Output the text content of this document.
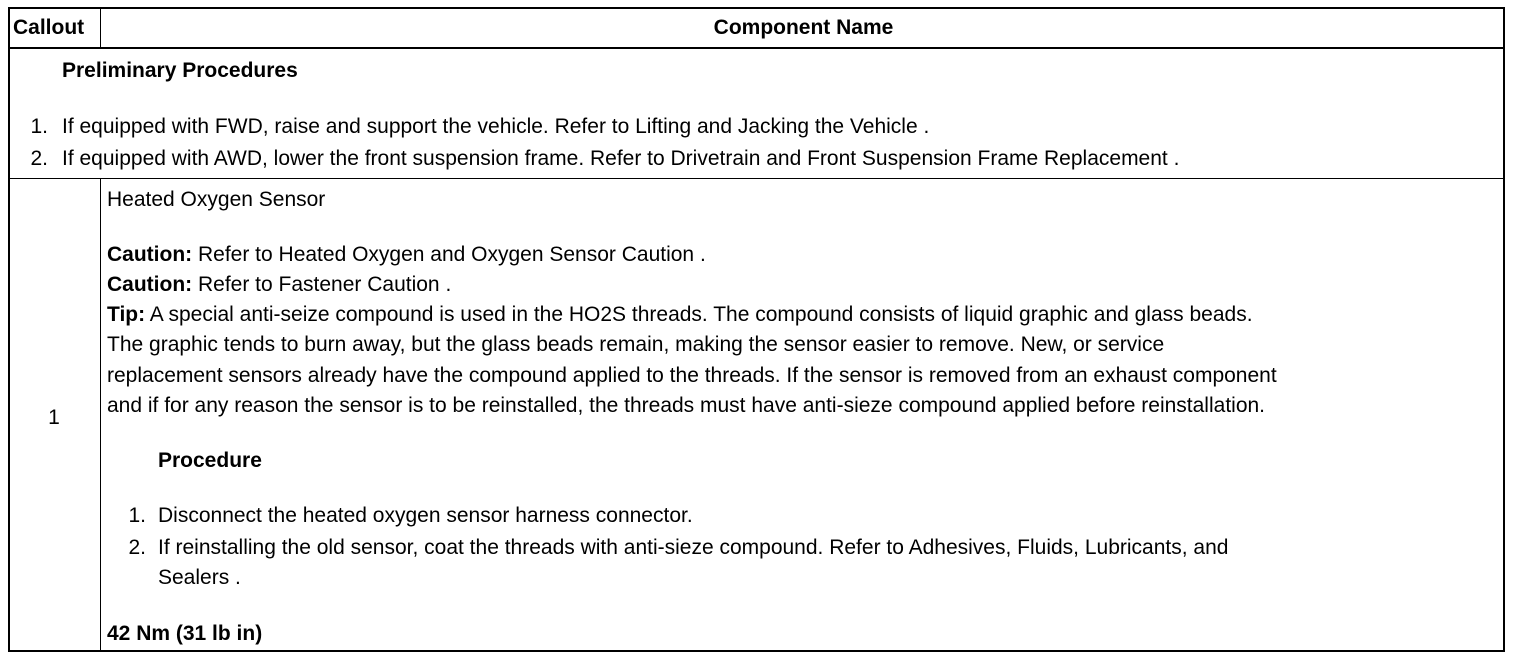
Callout	Component Name
Preliminary Procedures
1. If equipped with FWD, raise and support the vehicle. Refer to Lifting and Jacking the Vehicle .
2. If equipped with AWD, lower the front suspension frame. Refer to Drivetrain and Front Suspension Frame Replacement .
1
Heated Oxygen Sensor
Caution: Refer to Heated Oxygen and Oxygen Sensor Caution .
Caution: Refer to Fastener Caution .
Tip: A special anti-seize compound is used in the HO2S threads. The compound consists of liquid graphic and glass beads.
The graphic tends to burn away, but the glass beads remain, making the sensor easier to remove. New, or service
replacement sensors already have the compound applied to the threads. If the sensor is removed from an exhaust component
and if for any reason the sensor is to be reinstalled, the threads must have anti-sieze compound applied before reinstallation.
Procedure
1. Disconnect the heated oxygen sensor harness connector.
2. If reinstalling the old sensor, coat the threads with anti-sieze compound. Refer to Adhesives, Fluids, Lubricants, and
Sealers .
42 Nm (31 lb in)
